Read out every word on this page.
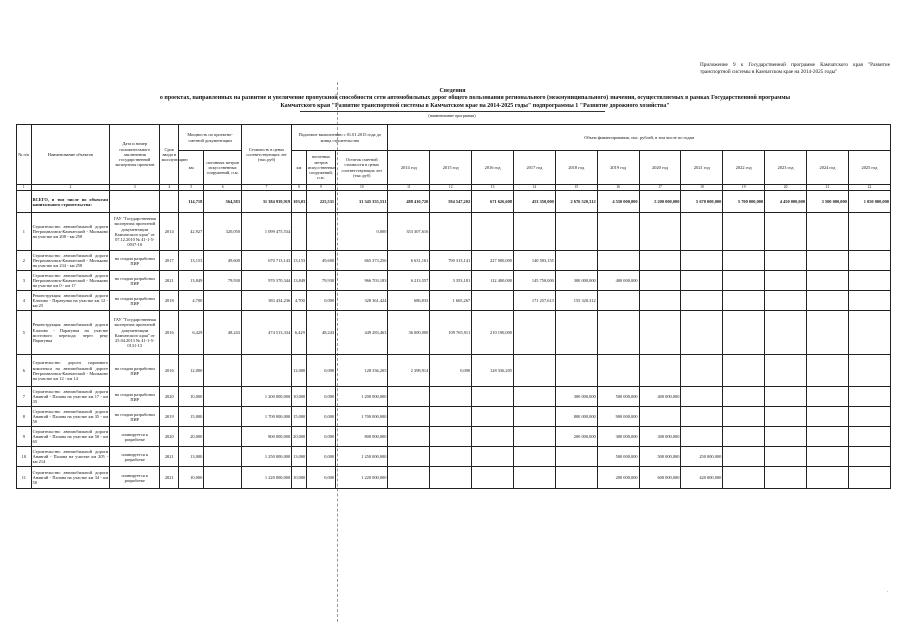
Приложение 9 к Государственной программе Камчатского края "Развитие транспортной системы в Камчатском крае на 2014-2025 годы"
Сведения
о проектах, направленных на развитие и увеличение пропускной способности сети автомобильных дорог общего пользования регионального (межмуниципального) значения, осуществляемых в рамках Государственной программы Камчатского края "Развитие транспортной системы в Камчатском крае на 2014-2025 годы" подпрограммы 1 "Развитие дорожного хозяйства"
(наименование программы)
.
№ п/п	Наименование объектов	Дата и номер положительного заключения государственной экспертизы проектов	Срок ввода в эксплуатацию	Мощность по проектно-сметной документации		Стоимость в ценах соответствующих лет (тыс.руб)	Подлежит выполнению с 01.01.2015 года до конца строительства			Объем финансирования, тыс. рублей, в том числе по годам											
				км	погонных метров искусственных сооружений, п.м.		км	погонных метров искусственных сооружений, п.м.	Остаток сметной стоимости в ценах соответствующих лет (тыс.руб)	2014 год	2015 год	2016 год	2017 год	2018 год	2019 год	2020 год	2021 год	2022 год	2023 год	2024 год	2025 год
1	2	3	4	5	6	7	8	9	10	11	12	13	14	15	16	17	18	19	20	21	22
	ВСЕГО, в том числе по объектам капитального строительства:			114,718	564,583	31 384 939,919	103,031	225,531	31 345 355,531	488 410,720	594 547,202	671 626,608	453 350,000	2 676 520,312	4 550 000,000	5 200 000,000	5 670 000,000	5 700 000,000	4 450 000,000	3 500 000,000	1 050 000,000
1	Строительство автомобильной дороги Петропавловск-Камчатский - Мильково на участке км 208 - км 258	ГАУ "Государственная экспертиза проектной документации Камчатского края" от 07.12.2010 № 41-1-5-0037-10	2014	42,927	320,050	1 099 475,534			0,000	353 307,616											
2	Строительство автомобильной дороги Петропавловск-Камчатский - Мильково на участке км 234 - км 258	на стадии разработки ПИР	2017	13,153	49,600	670 713,143	13,153	49,600	665 373,256	6 631,161	790 313,141	227 000,000	140 583,155								
3	Строительство автомобильной дороги Петропавловск-Камчатский - Мильково на участке км 0 - км 17	на стадии разработки ПИР	2021	13,849	79,930	970 370,344	13,849	79,930	966 703,183	6 213,557	3 353,181	112 400,000	145 750,000	300 000,000	400 000,000						
4	Реконструкция автомобильной дороги Елизово - Паратунка на участке км 12 - км 25	на стадии разработки ПИР	2018	4,700		383 434,236	4,700	0,000	328 361,424	686,833	1 665,267		171 257,613	155 320,312							
5	Реконструкция автомобильной дороги Елизово - Паратунка на участке мостового перехода через реку Паратунка	ГАУ "Государственная экспертиза проектной документации Камчатского края" от 25.04.2013 № 41-1-5-0131-13	2016	6,429	48,243	474 513,334	6,429	48,243	449 283,463	36 000,000	109 765,911	210 190,000									
6	Строительство дороги паромного комплекса на автомобильной дороге Петропавловск-Камчатский - Мильково на участке км 12 - км 14	на стадии разработки ПИР	2016	12,000			12,000	0,000	128 336,205	2 398,914	0,000	128 336,205									
7	Строительство автомобильной дороги Анавгай - Палана на участке км 17 - км 35	на стадии разработки ПИР	2020	10,000		1 200 000,000	10,000	0,000	1 200 000,000					300 000,000	500 000,000	400 000,000					
8	Строительство автомобильной дороги Анавгай - Палана на участке км 35 - км 50	на стадии разработки ПИР	2019	15,000		1 700 000,000	15,000	0,000	1 700 000,000					800 000,000	900 000,000						
9	Строительство автомобильной дороги Анавгай - Палана на участке км 50 - км 65	планируется к разработке	2020	20,000		800 000,000	20,000	0,000	800 000,000					200 000,000	300 000,000	300 000,000					
10	Строительство автомобильной дороги Анавгай - Палана на участке км 205 - км 214	планируется к разработке	2021	13,000		1 250 000,000	13,000	0,000	1 250 000,000						500 000,000	500 000,000	250 000,000				
11	Строительство автомобильной дороги Анавгай - Палана на участке км 34 - км 50	планируется к разработке	2021	10,000		1 220 000,000	10,000	0,000	1 220 000,000						200 000,000	600 000,000	420 000,000				
